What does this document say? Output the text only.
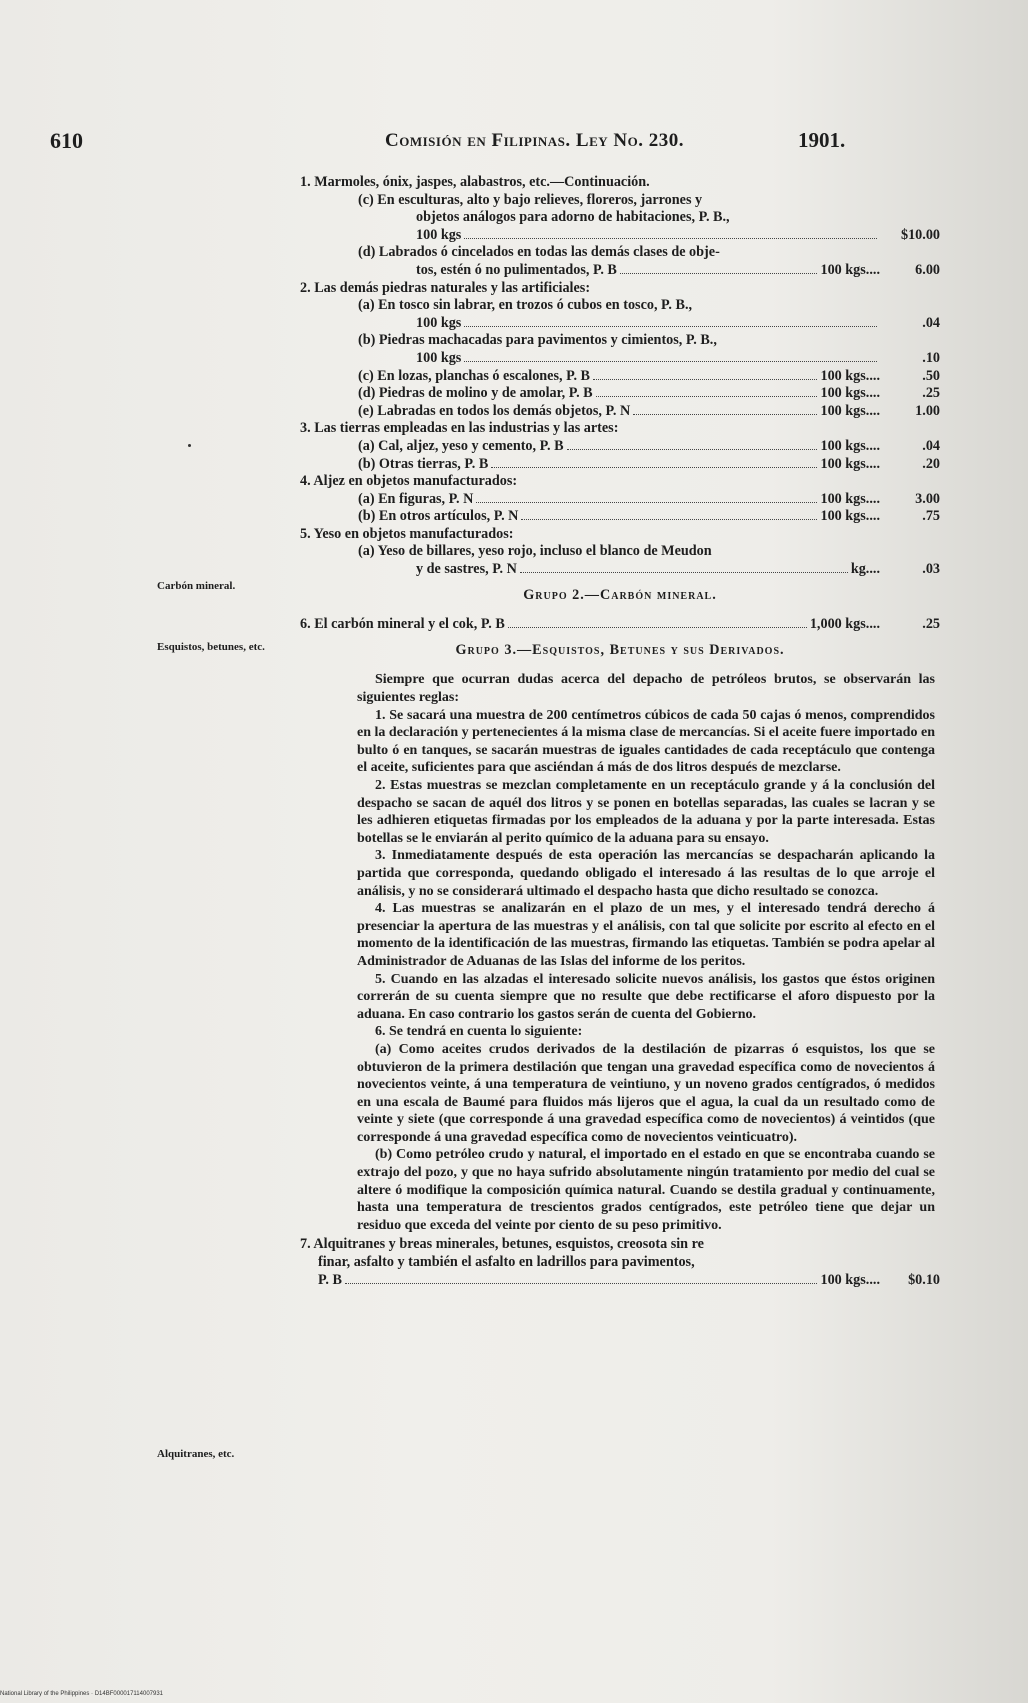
610	Comisión en Filipinas. Ley No. 230.	1901.
Carbón mineral.
Esquistos, betunes, etc.
Alquitranes, etc.
1. Marmoles, ónix, jaspes, alabastros, etc.—Continuación.
(c) En esculturas, alto y bajo relieves, floreros, jarrones y
objetos análogos para adorno de habitaciones, P. B.,
100 kgs	$10.00
(d) Labrados ó cincelados en todas las demás clases de obje-
tos, estén ó no pulimentados, P. B	100 kgs....	6.00
2. Las demás piedras naturales y las artificiales:
(a) En tosco sin labrar, en trozos ó cubos en tosco, P. B.,
100 kgs	.04
(b) Piedras machacadas para pavimentos y cimientos, P. B.,
100 kgs	.10
(c) En lozas, planchas ó escalones, P. B	100 kgs....	.50
(d) Piedras de molino y de amolar, P. B	100 kgs....	.25
(e) Labradas en todos los demás objetos, P. N	100 kgs....	1.00
3. Las tierras empleadas en las industrias y las artes:
(a) Cal, aljez, yeso y cemento, P. B	100 kgs....	.04
(b) Otras tierras, P. B	100 kgs....	.20
4. Aljez en objetos manufacturados:
(a) En figuras, P. N	100 kgs....	3.00
(b) En otros artículos, P. N	100 kgs....	.75
5. Yeso en objetos manufacturados:
(a) Yeso de billares, yeso rojo, incluso el blanco de Meudon
y de sastres, P. N	kg....	.03
Grupo 2.—Carbón mineral.
6. El carbón mineral y el cok, P. B	1,000 kgs....	.25
Grupo 3.—Esquistos, Betunes y sus Derivados.
Siempre que ocurran dudas acerca del depacho de petróleos brutos, se observarán las siguientes reglas:
1. Se sacará una muestra de 200 centímetros cúbicos de cada 50 cajas ó menos, comprendidos en la declaración y pertenecientes á la misma clase de mercancías. Si el aceite fuere importado en bulto ó en tanques, se sacarán muestras de iguales cantidades de cada receptáculo que contenga el aceite, suficientes para que asciéndan á más de dos litros después de mezclarse.
2. Estas muestras se mezclan completamente en un receptáculo grande y á la conclusión del despacho se sacan de aquél dos litros y se ponen en botellas separadas, las cuales se lacran y se les adhieren etiquetas firmadas por los empleados de la aduana y por la parte interesada. Estas botellas se le enviarán al perito químico de la aduana para su ensayo.
3. Inmediatamente después de esta operación las mercancías se despacharán aplicando la partida que corresponda, quedando obligado el interesado á las resultas de lo que arroje el análisis, y no se considerará ultimado el despacho hasta que dicho resultado se conozca.
4. Las muestras se analizarán en el plazo de un mes, y el interesado tendrá derecho á presenciar la apertura de las muestras y el análisis, con tal que solicite por escrito al efecto en el momento de la identificación de las muestras, firmando las etiquetas. También se podra apelar al Administrador de Aduanas de las Islas del informe de los peritos.
5. Cuando en las alzadas el interesado solicite nuevos análisis, los gastos que éstos originen correrán de su cuenta siempre que no resulte que debe rectificarse el aforo dispuesto por la aduana. En caso contrario los gastos serán de cuenta del Gobierno.
6. Se tendrá en cuenta lo siguiente:
(a) Como aceites crudos derivados de la destilación de pizarras ó esquistos, los que se obtuvieron de la primera destilación que tengan una gravedad específica como de novecientos á novecientos veinte, á una temperatura de veintiuno, y un noveno grados centígrados, ó medidos en una escala de Baumé para fluidos más lijeros que el agua, la cual da un resultado como de veinte y siete (que corresponde á una gravedad específica como de novecientos) á veintidos (que corresponde á una gravedad específica como de novecientos veinticuatro).
(b) Como petróleo crudo y natural, el importado en el estado en que se encontraba cuando se extrajo del pozo, y que no haya sufrido absolutamente ningún tratamiento por medio del cual se altere ó modifique la composición química natural. Cuando se destila gradual y continuamente, hasta una temperatura de trescientos grados centígrados, este petróleo tiene que dejar un residuo que exceda del veinte por ciento de su peso primitivo.
7. Alquitranes y breas minerales, betunes, esquistos, creosota sin re
finar, asfalto y también el asfalto en ladrillos para pavimentos,
P. B	100 kgs....	$0.10
National Library of the Philippines · D14BF000017114007931
